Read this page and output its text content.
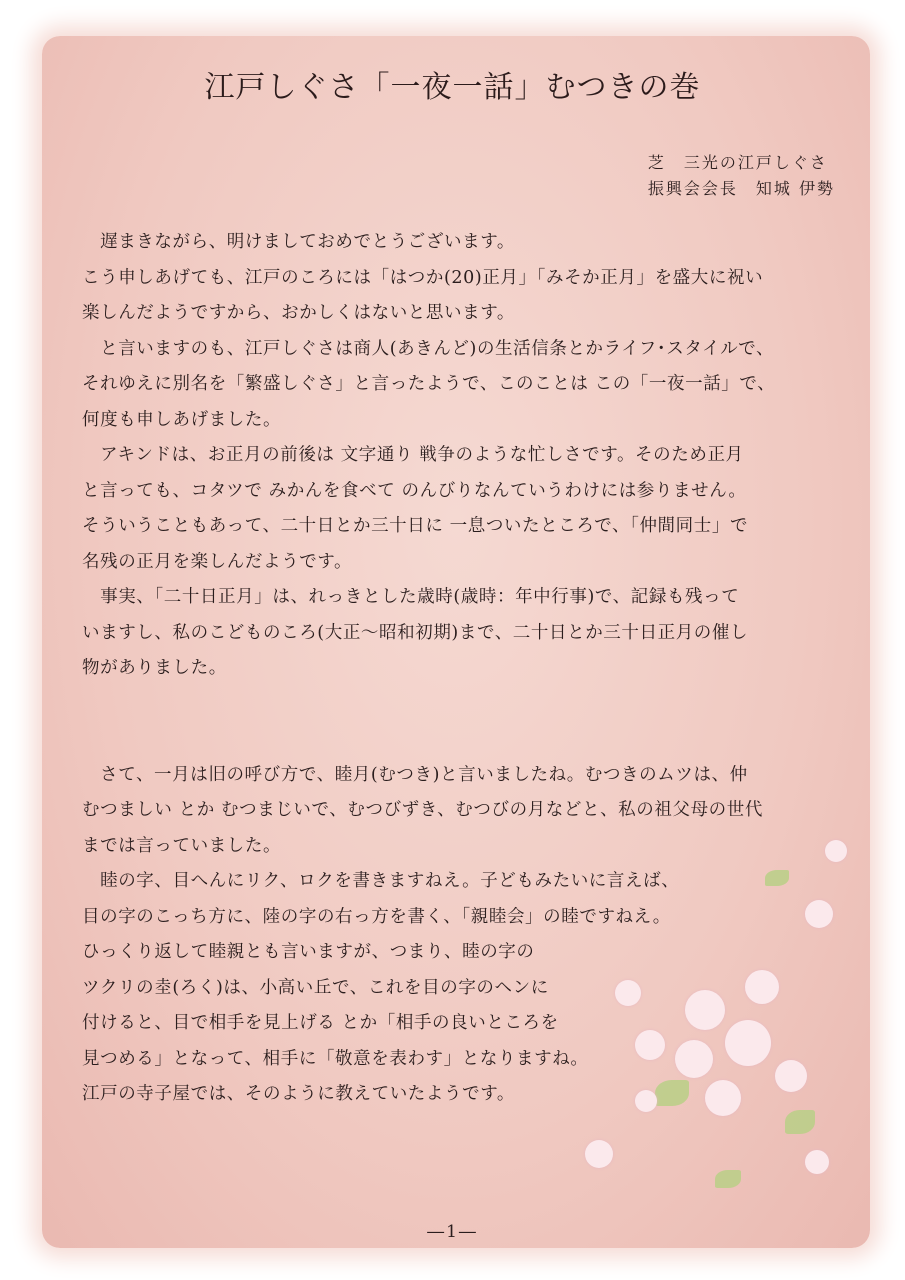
江戸しぐさ「一夜一話」むつきの巻
芝　三光の江戸しぐさ
振興会会長　知城 伊勢
　遅まきながら、明けましておめでとうございます。
こう申しあげても、江戸のころには「はつか(20)正月」「みそか正月」を盛大に祝い
楽しんだようですから、おかしくはないと思います。
　と言いますのも、江戸しぐさは商人(あきんど)の生活信条とかライフ･スタイルで、
それゆえに別名を「繁盛しぐさ」と言ったようで、このことは この「一夜一話」で、
何度も申しあげました。
　アキンドは、お正月の前後は 文字通り 戦争のような忙しさです。そのため正月
と言っても、コタツで みかんを食べて のんびりなんていうわけには参りません。
そういうこともあって、二十日とか三十日に 一息ついたところで、「仲間同士」で
名残の正月を楽しんだようです。
　事実、「二十日正月」は、れっきとした歳時(歳時：年中行事)で、記録も残って
いますし、私のこどものころ(大正～昭和初期)まで、二十日とか三十日正月の催し
物がありました。
　さて、一月は旧の呼び方で、睦月(むつき)と言いましたね。むつきのムツは、仲
むつましい とか むつまじいで、むつびずき、むつびの月などと、私の祖父母の世代
までは言っていました。
　睦の字、目へんにリク、ロクを書きますねえ。子どもみたいに言えば、
目の字のこっち方に、陸の字の右っ方を書く、「親睦会」の睦ですねえ。
ひっくり返して睦親とも言いますが、つまり、睦の字の
ツクリの坴(ろく)は、小高い丘で、これを目の字のヘンに
付けると、目で相手を見上げる とか「相手の良いところを
見つめる」となって、相手に「敬意を表わす」となりますね。
江戸の寺子屋では、そのように教えていたようです。
―1―
